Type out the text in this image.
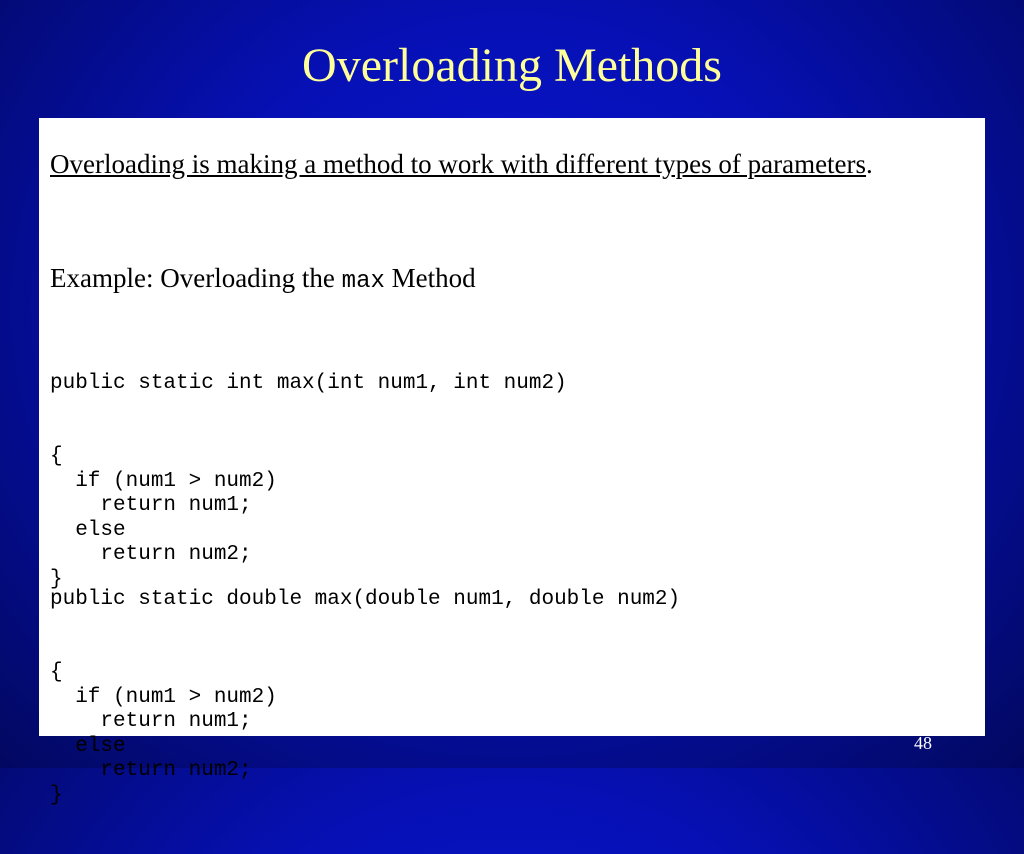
Overloading Methods
Overloading is making a method to work with different types of parameters.
Example: Overloading the max Method

public static int max(int num1, int num2)

{
if (num1 > num2)
return num1;
else
return num2;
}

public static double max(double num1, double num2)

{
if (num1 > num2)
return num1;
else
return num2;
}

48
